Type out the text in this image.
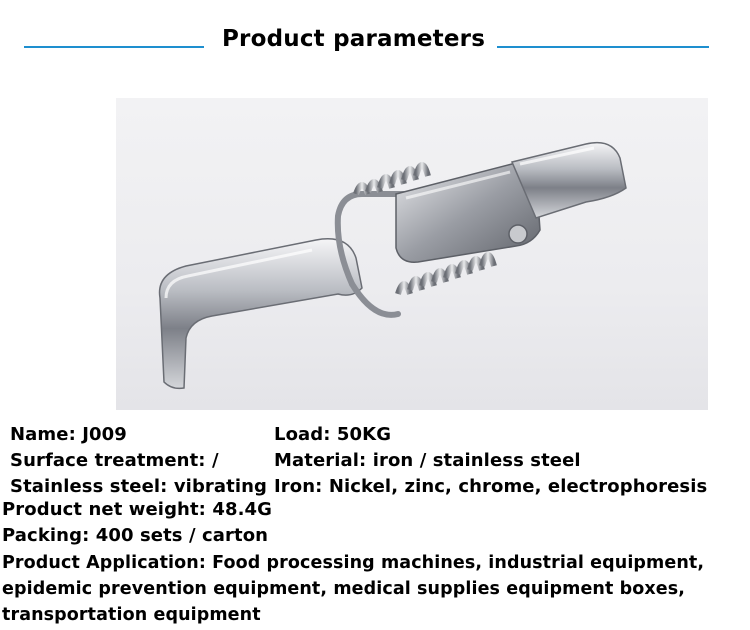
Product parameters
Name: J009
Surface treatment: /
Stainless steel: vibrating
Product net weight: 48.4G
Packing: 400 sets / carton
Load: 50KG
Material: iron / stainless steel
Iron: Nickel, zinc, chrome, electrophoresis
Product Application: Food processing machines, industrial equipment, epidemic prevention equipment, medical supplies equipment boxes, transportation equipment
